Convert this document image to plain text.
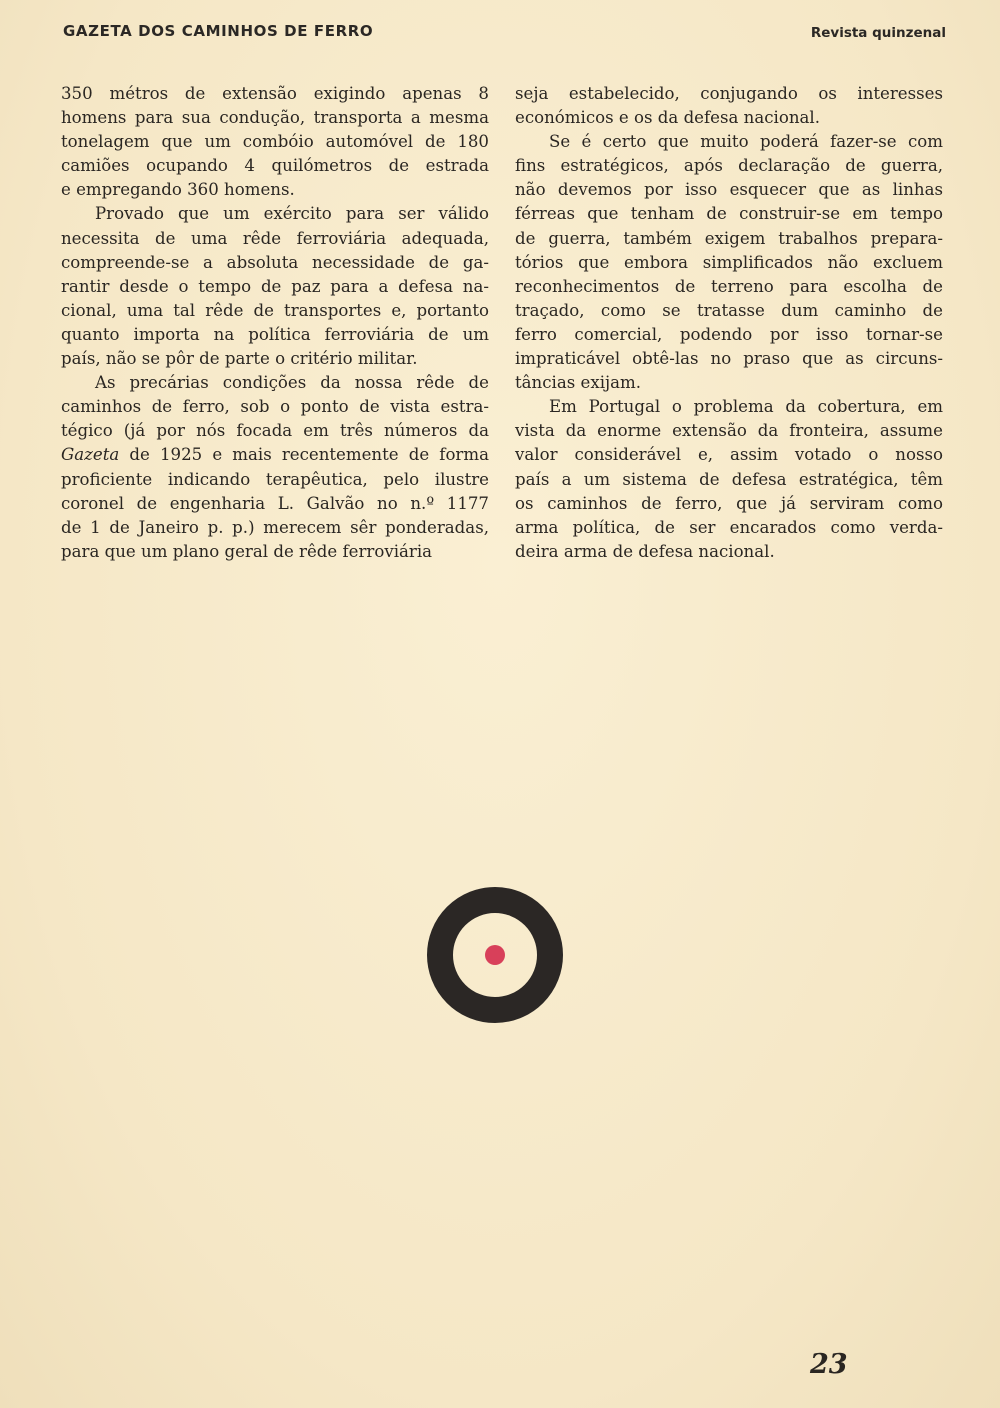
GAZETA DOS CAMINHOS DE FERRO	Revista quinzenal

350 métros de extensão exigindo apenas 8
homens para sua condução, transporta a mesma
tonelagem que um combóio automóvel de 180
camiões ocupando 4 quilómetros de estrada
e empregando 360 homens.

Provado que um exército para ser válido
necessita de uma rêde ferroviária adequada,
compreende-se a absoluta necessidade de ga-
rantir desde o tempo de paz para a defesa na-
cional, uma tal rêde de transportes e, portanto
quanto importa na política ferroviária de um
país, não se pôr de parte o critério militar.

As precárias condições da nossa rêde de
caminhos de ferro, sob o ponto de vista estra-
tégico (já por nós focada em três números da
Gazeta de 1925 e mais recentemente de forma
proficiente indicando terapêutica, pelo ilustre
coronel de engenharia L. Galvão no n.º 1177
de 1 de Janeiro p. p.) merecem sêr ponderadas,
para que um plano geral de rêde ferroviária

seja estabelecido, conjugando os interesses
económicos e os da defesa nacional.

Se é certo que muito poderá fazer-se com
fins estratégicos, após declaração de guerra,
não devemos por isso esquecer que as linhas
férreas que tenham de construir-se em tempo
de guerra, também exigem trabalhos prepara-
tórios que embora simplificados não excluem
reconhecimentos de terreno para escolha de
traçado, como se tratasse dum caminho de
ferro comercial, podendo por isso tornar-se
impraticável obtê-las no praso que as circuns-
tâncias exijam.

Em Portugal o problema da cobertura, em
vista da enorme extensão da fronteira, assume
valor considerável e, assim votado o nosso
país a um sistema de defesa estratégica, têm
os caminhos de ferro, que já serviram como
arma política, de ser encarados como verda-
deira arma de defesa nacional.

23
